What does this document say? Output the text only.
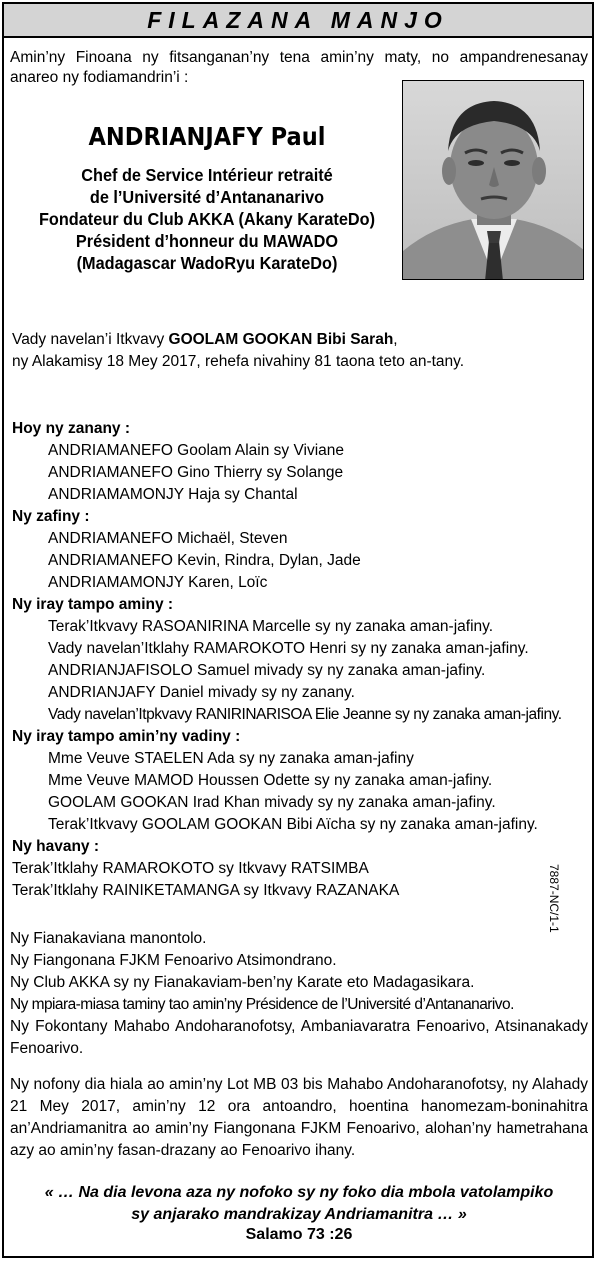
FILAZANA MANJO
Amin’ny Finoana ny fitsanganan’ny tena amin’ny maty, no ampandrenesanay anareo ny fodiamandrin’i :
ANDRIANJAFY Paul
Chef de Service Intérieur retraité
de l’Université d’Antananarivo
Fondateur du Club AKKA (Akany KarateDo)
Président d’honneur du MAWADO
(Madagascar WadoRyu KarateDo)
Vady navelan’i Itkvavy GOOLAM GOOKAN Bibi Sarah,
ny Alakamisy 18 Mey 2017, rehefa nivahiny 81 taona teto an-tany.
Hoy ny zanany :
ANDRIAMANEFO Goolam Alain sy Viviane
ANDRIAMANEFO Gino Thierry sy Solange
ANDRIAMAMONJY Haja sy Chantal
Ny zafiny :
ANDRIAMANEFO Michaël, Steven
ANDRIAMANEFO Kevin, Rindra, Dylan, Jade
ANDRIAMAMONJY Karen, Loïc
Ny iray tampo aminy :
Terak’Itkvavy RASOANIRINA Marcelle sy ny zanaka aman-jafiny.
Vady navelan’Itklahy RAMAROKOTO Henri sy ny zanaka aman-jafiny.
ANDRIANJAFISOLO Samuel mivady sy ny zanaka aman-jafiny.
ANDRIANJAFY Daniel mivady sy ny zanany.
Vady navelan’Itpkvavy RANIRINARISOA Elie Jeanne sy ny zanaka aman-jafiny.
Ny iray tampo amin’ny vadiny :
Mme Veuve STAELEN Ada sy ny zanaka aman-jafiny
Mme Veuve MAMOD Houssen Odette sy ny zanaka aman-jafiny.
GOOLAM GOOKAN Irad Khan mivady sy ny zanaka aman-jafiny.
Terak’Itkvavy GOOLAM GOOKAN Bibi Aïcha sy ny zanaka aman-jafiny.
Ny havany :
Terak’Itklahy RAMAROKOTO sy Itkvavy RATSIMBA
Terak’Itklahy RAINIKETAMANGA sy Itkvavy RAZANAKA	7887-NC/1-1
Ny Fianakaviana manontolo.
Ny Fiangonana FJKM Fenoarivo Atsimondrano.
Ny Club AKKA sy ny Fianakaviam-ben’ny Karate eto Madagasikara.
Ny mpiara-miasa taminy tao amin’ny Présidence de l’Université d’Antananarivo.
Ny Fokontany Mahabo Andoharanofotsy, Ambaniavaratra Fenoarivo, Atsinanakady Fenoarivo.
Ny nofony dia hiala ao amin’ny Lot MB 03 bis Mahabo Andoharanofotsy, ny Alahady 21 Mey 2017, amin’ny 12 ora antoandro, hoentina hanomezam-boninahitra an’Andriamanitra ao amin’ny Fiangonana FJKM Fenoarivo, alohan’ny hametrahana azy ao amin’ny fasan-drazany ao Fenoarivo ihany.
« … Na dia levona aza ny nofoko sy ny foko dia mbola vatolampiko
sy anjarako mandrakizay Andriamanitra … »
Salamo 73 :26
